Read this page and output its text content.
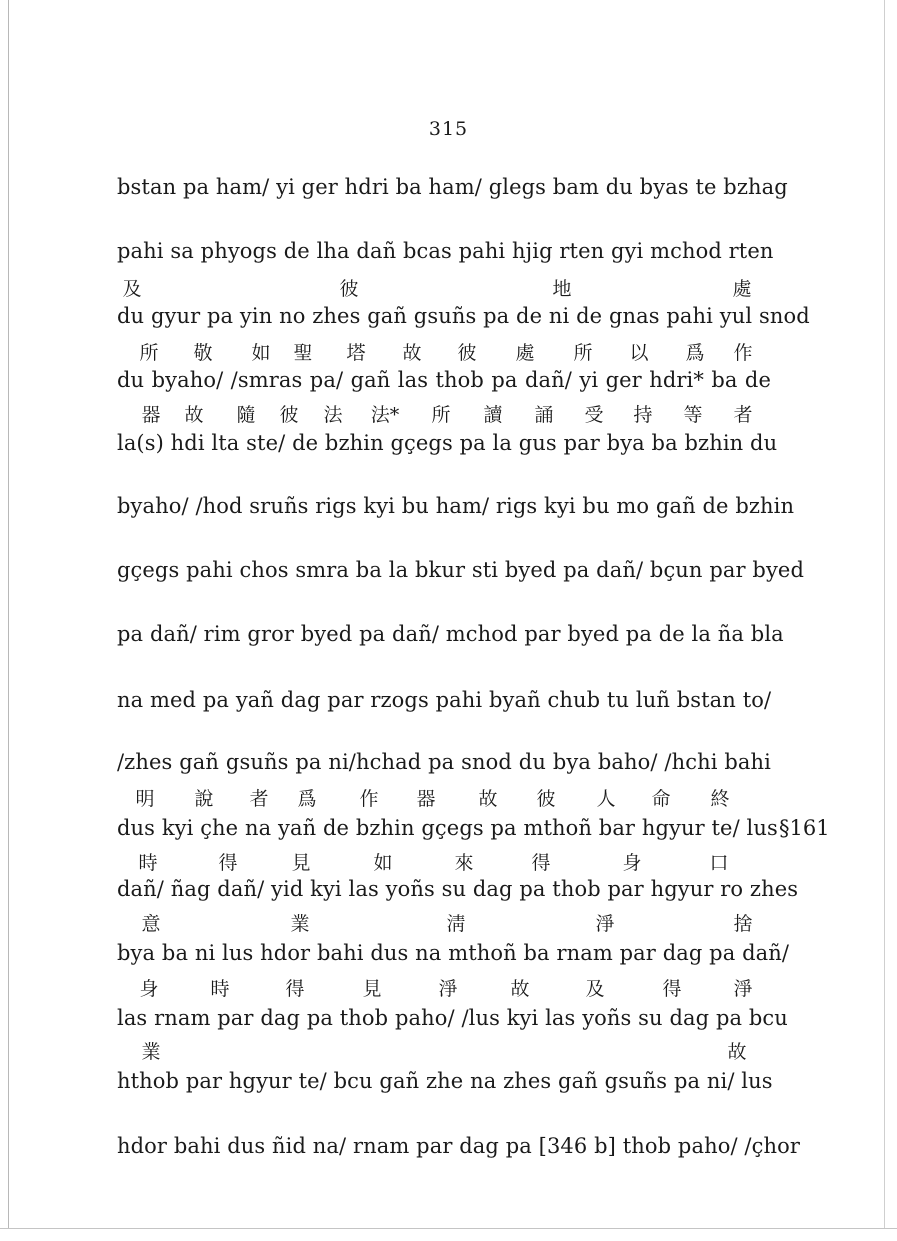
315
bstan pa ham/ yi ger hdri ba ham/ glegs bam du byas te bzhag
pahi sa phyogs de lha dañ bcas pahi hjig rten gyi mchod rten
du gyur pa yin no zhes gañ gsuñs pa de ni de gnas pahi yul snod
du byaho/ /smras pa/ gañ las thob pa dañ/ yi ger hdri* ba de
la(s) hdi lta ste/ de bzhin gçegs pa la gus par bya ba bzhin du
byaho/ /hod sruñs rigs kyi bu ham/ rigs kyi bu mo gañ de bzhin
gçegs pahi chos smra ba la bkur sti byed pa dañ/ bçun par byed
pa dañ/ rim gror byed pa dañ/ mchod par byed pa de la ña bla
na med pa yañ dag par rzogs pahi byañ chub tu luñ bstan to/
/zhes gañ gsuñs pa ni/hchad pa snod du bya baho/ /hchi bahi
dus kyi çhe na yañ de bzhin gçegs pa mthoñ bar hgyur te/ lus
dañ/ ñag dañ/ yid kyi las yoñs su dag pa thob par hgyur ro zhes
bya ba ni lus hdor bahi dus na mthoñ ba rnam par dag pa dañ/
las rnam par dag pa thob paho/ /lus kyi las yoñs su dag pa bcu
hthob par hgyur te/ bcu gañ zhe na zhes gañ gsuñs pa ni/ lus
hdor bahi dus ñid na/ rnam par dag pa [346 b] thob paho/ /çhor
§161
及	彼	地	處
所 敬 如 聖 塔 故 彼 處 所 以 爲 作
器 故 隨 彼 法 法* 所 讀 誦 受 持 等 者
明 說 者 爲 作 器 故 彼 人 命 終
時	得	見	如	來	得	身	口
意	業	淸	淨	捨
身	時	得	見	淨	故	及	得	淨
業	故
